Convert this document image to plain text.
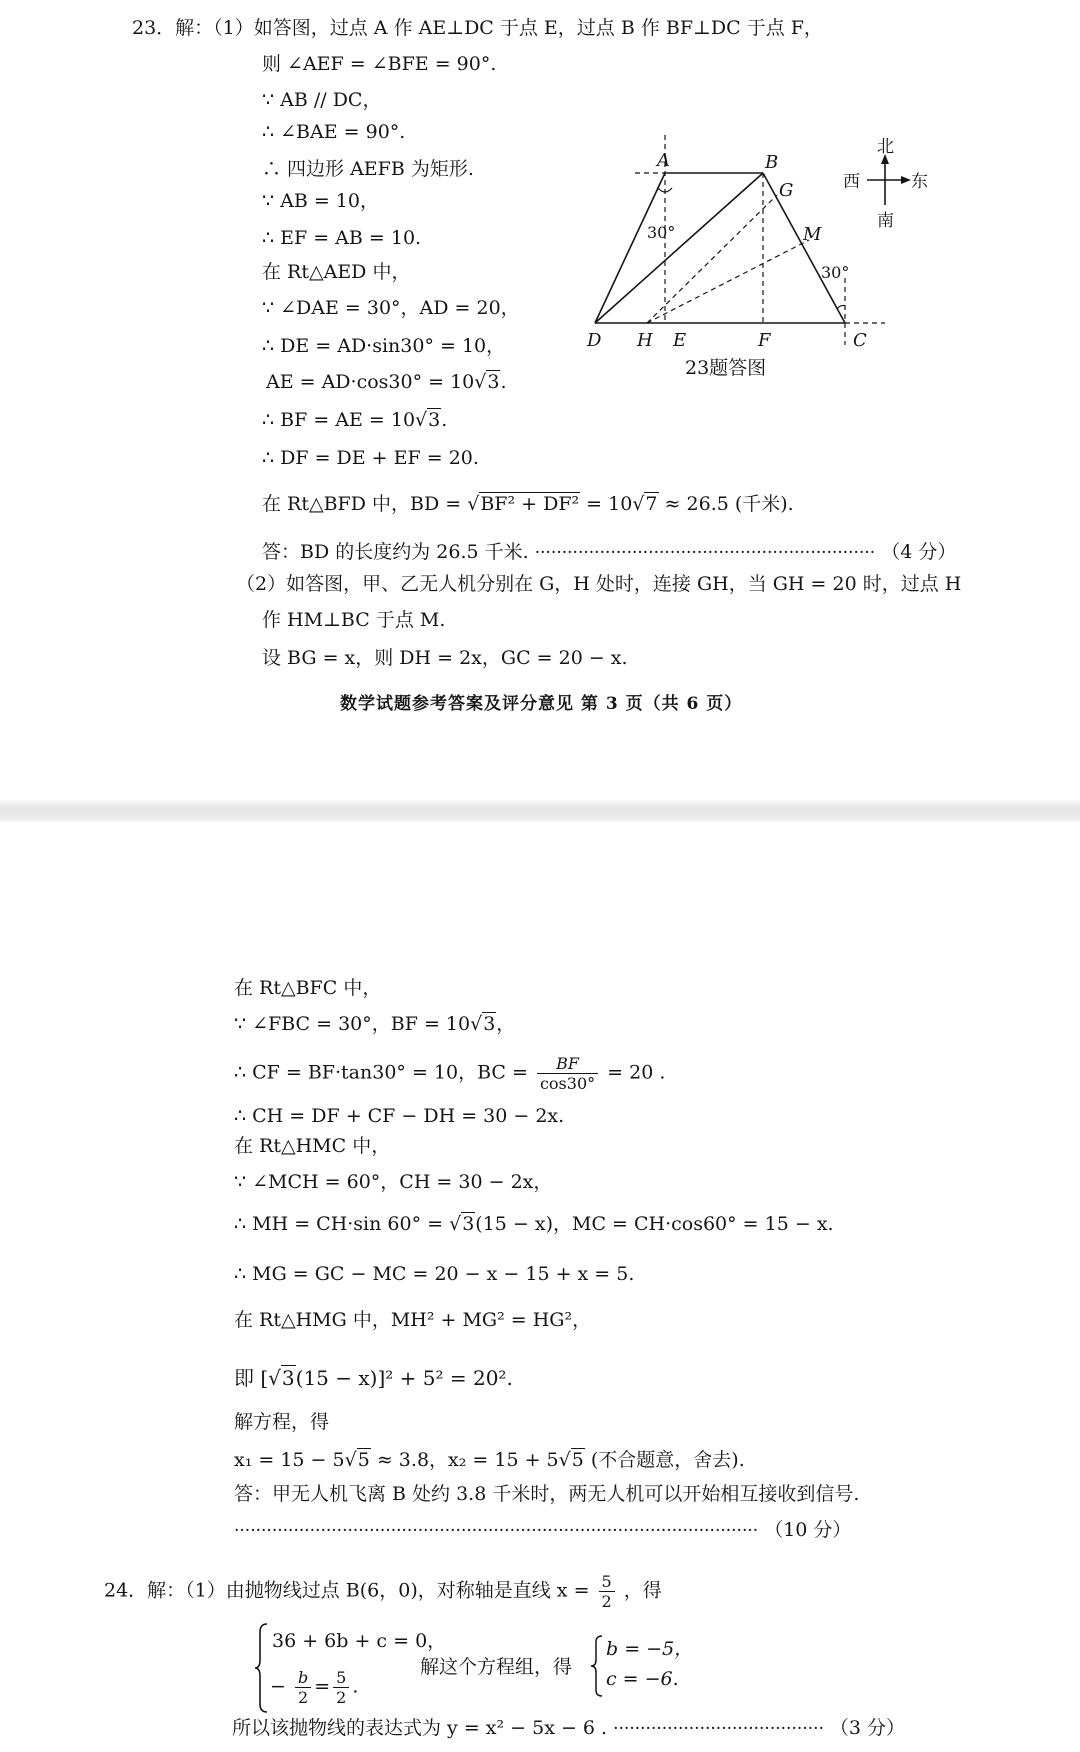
23．解：（1）如答图，过点 A 作 AE⊥DC 于点 E，过点 B 作 BF⊥DC 于点 F，
则 ∠AEF = ∠BFE = 90°.
∵ AB // DC，
∴ ∠BAE = 90°.
∴ 四边形 AEFB 为矩形.
∵ AB = 10，
∴ EF = AB = 10.
在 Rt△AED 中，
∵ ∠DAE = 30°，AD = 20，
∴ DE = AD·sin30° = 10，
AE = AD·cos30° = 10√3.
∴ BF = AE = 10√3.
∴ DF = DE + EF = 20.
在 Rt△BFD 中，BD = √BF² + DF² = 10√7 ≈ 26.5 (千米).
答：BD 的长度约为 26.5 千米. ······························································· （4 分）
（2）如答图，甲、乙无人机分别在 G，H 处时，连接 GH，当 GH = 20 时，过点 H
作 HM⊥BC 于点 M.
设 BG = x，则 DH = 2x，GC = 20 − x.
数学试题参考答案及评分意见 第 3 页（共 6 页）
A	B
G
M
D H E	F	C
30°
30°
23题答图
北
西	东
南
在 Rt△BFC 中，
∵ ∠FBC = 30°，BF = 10√3，
∴ CF = BF·tan30° = 10，BC = $\frac{BF}{\cos 30^\circ} = 20$ .
∴ CH = DF + CF − DH = 30 − 2x.
在 Rt△HMC 中，
∵ ∠MCH = 60°，CH = 30 − 2x，
∴ MH = CH·sin 60° = √3(15 − x)，MC = CH·cos60° = 15 − x.
∴ MG = GC − MC = 20 − x − 15 + x = 5.
在 Rt△HMG 中，MH² + MG² = HG²，
即 [√3(15 − x)]² + 5² = 20².
解方程，得
x₁ = 15 − 5√5 ≈ 3.8，x₂ = 15 + 5√5 (不合题意，舍去).
答：甲无人机飞离 B 处约 3.8 千米时，两无人机可以开始相互接收到信号.
································································································· （10 分）
24．解：（1）由抛物线过点 B(6，0)，对称轴是直线 $x = \frac{5}{2}$ ，得
36 + 6b + c = 0，
− $\frac{b}{2} = \frac{5}{2}$ .
解这个方程组，得
b = −5，
c = −6.
所以该抛物线的表达式为 y = x² − 5x − 6 . ······································· （3 分）
